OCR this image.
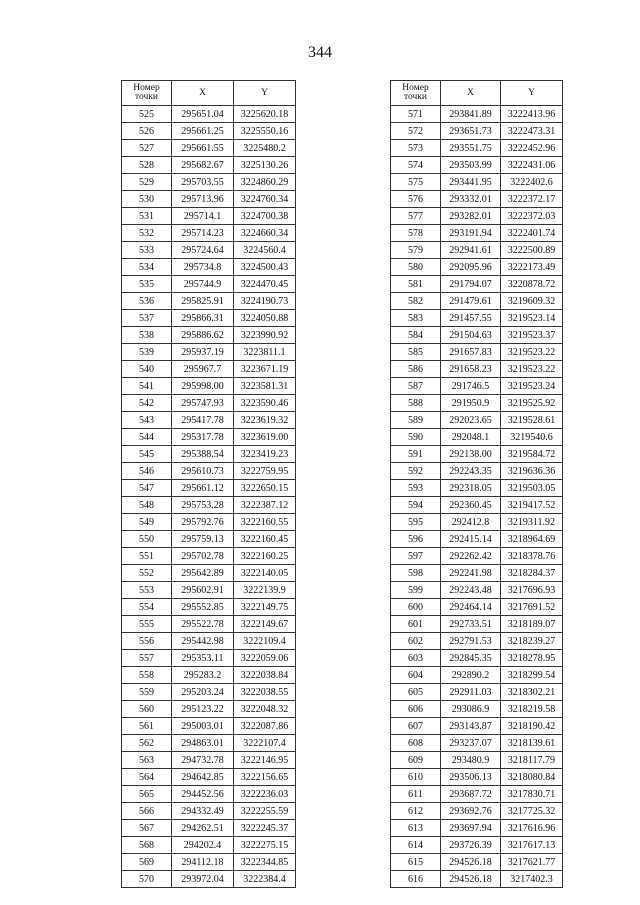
344
Номер
точки	X	Y
525	295651.04	3225620.18
526	295661.25	3225550.16
527	295661.55	3225480.2
528	295682.67	3225130.26
529	295703.55	3224860.29
530	295713.96	3224760.34
531	295714.1	3224700.38
532	295714.23	3224660.34
533	295724.64	3224560.4
534	295734.8	3224500.43
535	295744.9	3224470.45
536	295825.91	3224190.73
537	295866.31	3224050.88
538	295886.62	3223990.92
539	295937.19	3223811.1
540	295967.7	3223671.19
541	295998.00	3223581.31
542	295747.93	3223590.46
543	295417.78	3223619.32
544	295317.78	3223619.00
545	295388.54	3223419.23
546	295610.73	3222759.95
547	295661.12	3222650.15
548	295753.28	3222387.12
549	295792.76	3222160.55
550	295759.13	3222160.45
551	295702.78	3222160.25
552	295642.89	3222140.05
553	295602.91	3222139.9
554	295552.85	3222149.75
555	295522.78	3222149.67
556	295442.98	3222109.4
557	295353.11	3222059.06
558	295283.2	3222038.84
559	295203.24	3222038.55
560	295123.22	3222048.32
561	295003.01	3222087.86
562	294863.01	3222107.4
563	294732.78	3222146.95
564	294642.85	3222156.65
565	294452.56	3222236.03
566	294332.49	3222255.59
567	294262.51	3222245.37
568	294202.4	3222275.15
569	294112.18	3222344.85
570	293972.04	3222384.4
Номер
точки	X	Y
571	293841.89	3222413.96
572	293651.73	3222473.31
573	293551.75	3222452.96
574	293503.99	3222431.06
575	293441.95	3222402.6
576	293332.01	3222372.17
577	293282.01	3222372.03
578	293191.94	3222401.74
579	292941.61	3222500.89
580	292095.96	3222173.49
581	291794.07	3220878.72
582	291479.61	3219609.32
583	291457.55	3219523.14
584	291504.63	3219523.37
585	291657.83	3219523.22
586	291658.23	3219523.22
587	291746.5	3219523.24
588	291950.9	3219525.92
589	292023.65	3219528.61
590	292048.1	3219540.6
591	292138.00	3219584.72
592	292243.35	3219636.36
593	292318.05	3219503.05
594	292360.45	3219417.52
595	292412.8	3219311.92
596	292415.14	3218964.69
597	292262.42	3218378.76
598	292241.98	3218284.37
599	292243.48	3217696.93
600	292464.14	3217691.52
601	292733.51	3218189.07
602	292791.53	3218239.27
603	292845.35	3218278.95
604	292890.2	3218299.54
605	292911.03	3218302.21
606	293086.9	3218219.58
607	293143.87	3218190.42
608	293237.07	3218139.61
609	293480.9	3218117.79
610	293506.13	3218080.84
611	293687.72	3217830.71
612	293692.76	3217725.32
613	293697.94	3217616.96
614	293726.39	3217617.13
615	294526.18	3217621.77
616	294526.18	3217402.3
